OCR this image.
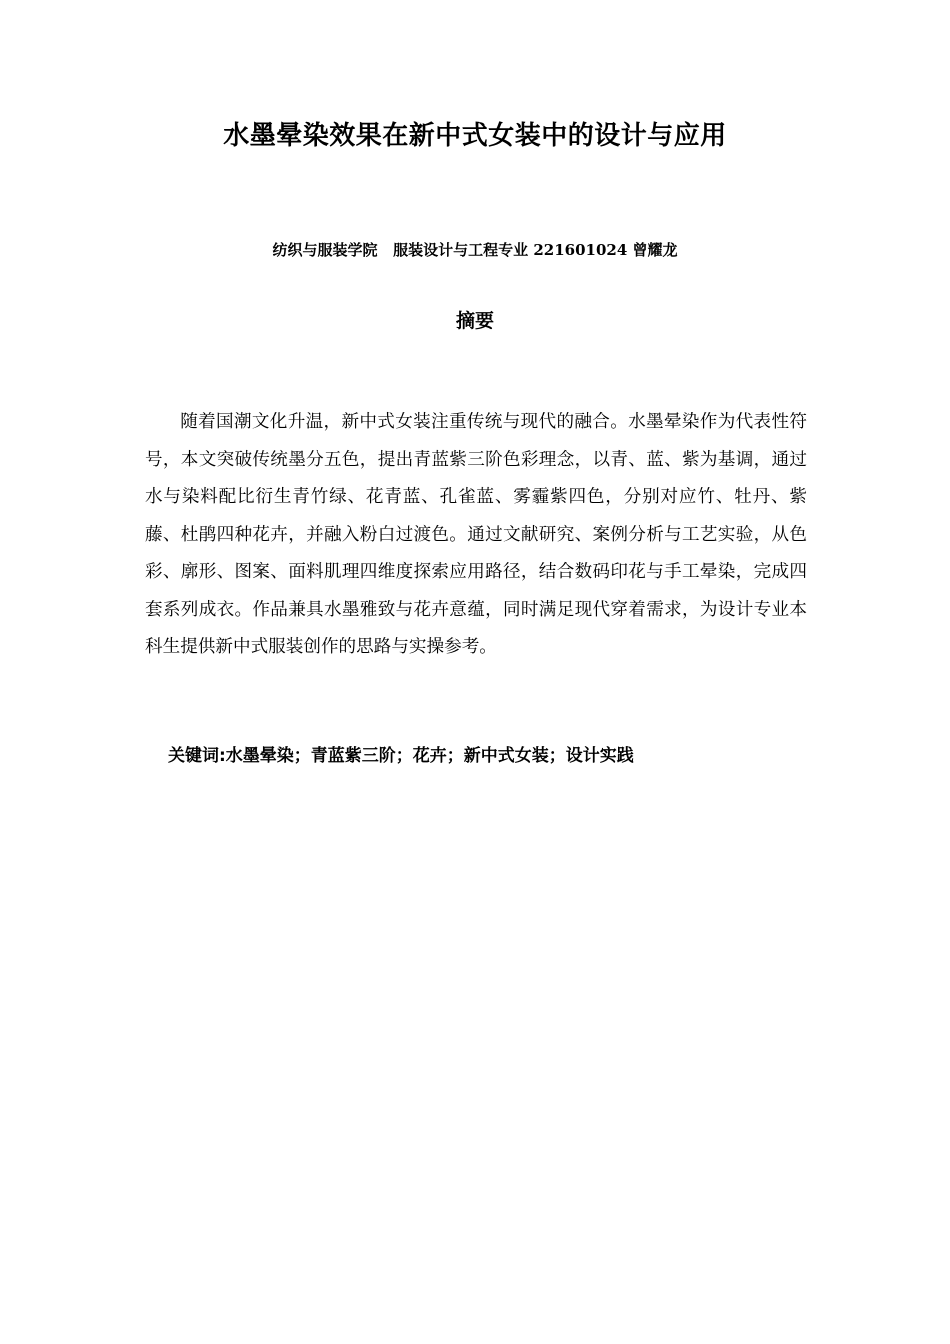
水墨晕染效果在新中式女装中的设计与应用
纺织与服装学院   服装设计与工程专业 221601024 曾耀龙
摘要
随着国潮文化升温，新中式女装注重传统与现代的融合。水墨晕染作为代表性符号，本文突破传统墨分五色，提出青蓝紫三阶色彩理念，以青、蓝、紫为基调，通过水与染料配比衍生青竹绿、花青蓝、孔雀蓝、雾霾紫四色，分别对应竹、牡丹、紫藤、杜鹃四种花卉，并融入粉白过渡色。通过文献研究、案例分析与工艺实验，从色彩、廓形、图案、面料肌理四维度探索应用路径，结合数码印花与手工晕染，完成四套系列成衣。作品兼具水墨雅致与花卉意蕴，同时满足现代穿着需求，为设计专业本科生提供新中式服装创作的思路与实操参考。
关键词:水墨晕染；青蓝紫三阶；花卉；新中式女装；设计实践
